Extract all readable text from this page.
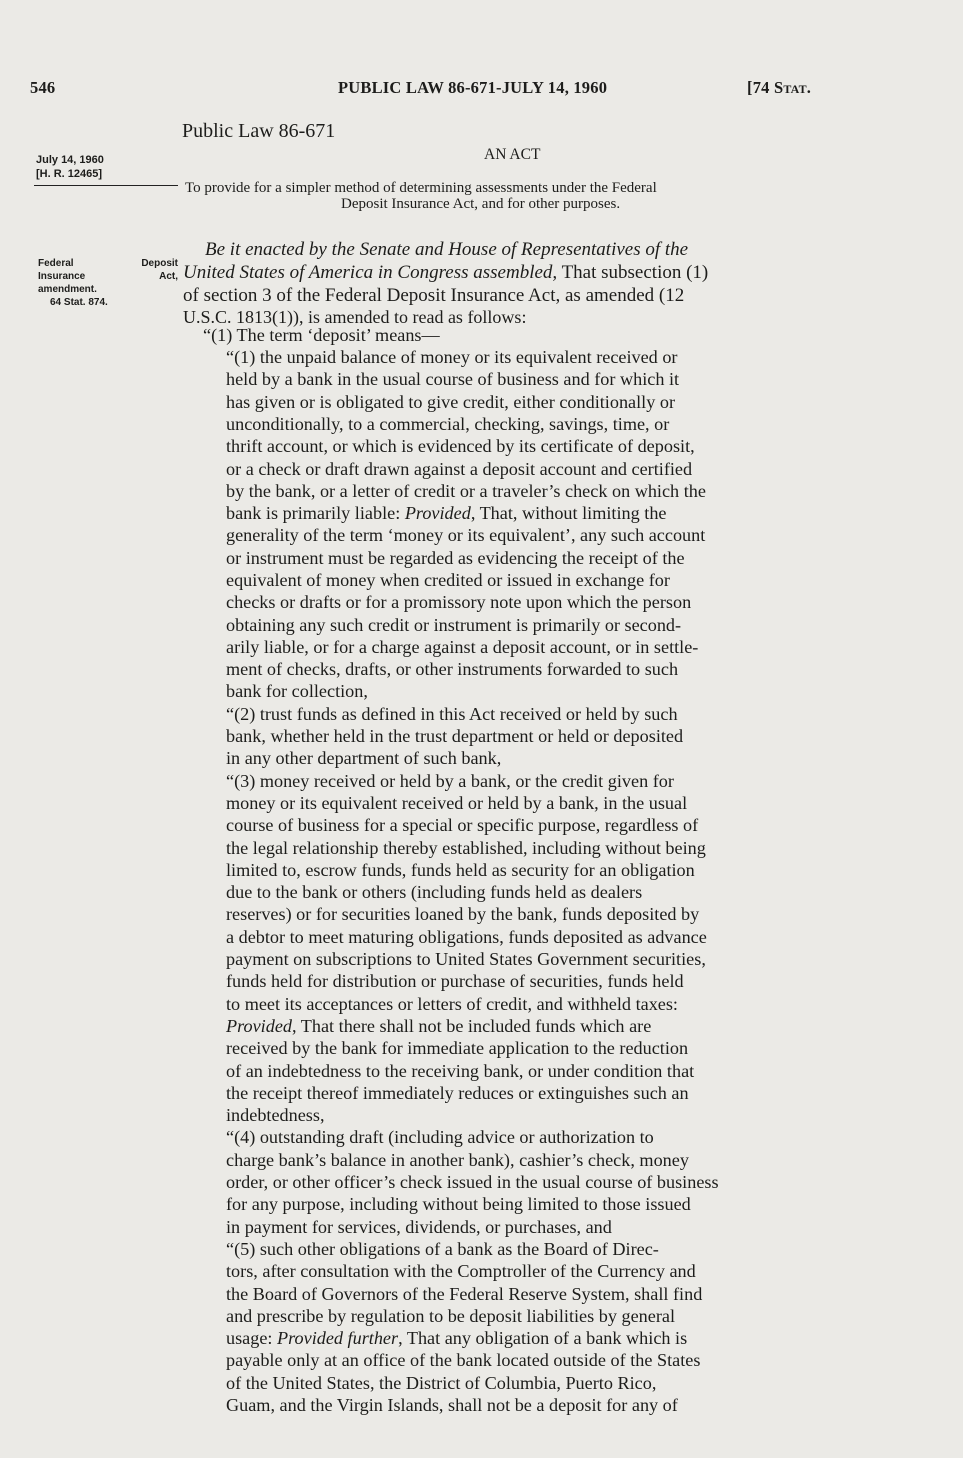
546	PUBLIC LAW 86-671-JULY 14, 1960	[74 Stat.
Public Law 86-671
AN ACT
July 14, 1960
[H. R. 12465]
To provide for a simpler method of determining assessments under the Federal
Deposit Insurance Act, and for other purposes.
Federal Deposit
Insurance Act,
amendment.
64 Stat. 874.
Be it enacted by the Senate and House of Representatives of the
United States of America in Congress assembled, That subsection (1)
of section 3 of the Federal Deposit Insurance Act, as amended (12
U.S.C. 1813(1)), is amended to read as follows:
“(1) The term ‘deposit’ means—
“(1) the unpaid balance of money or its equivalent received or
held by a bank in the usual course of business and for which it
has given or is obligated to give credit, either conditionally or
unconditionally, to a commercial, checking, savings, time, or
thrift account, or which is evidenced by its certificate of deposit,
or a check or draft drawn against a deposit account and certified
by the bank, or a letter of credit or a traveler’s check on which the
bank is primarily liable: Provided, That, without limiting the
generality of the term ‘money or its equivalent’, any such account
or instrument must be regarded as evidencing the receipt of the
equivalent of money when credited or issued in exchange for
checks or drafts or for a promissory note upon which the person
obtaining any such credit or instrument is primarily or second-
arily liable, or for a charge against a deposit account, or in settle-
ment of checks, drafts, or other instruments forwarded to such
bank for collection,
“(2) trust funds as defined in this Act received or held by such
bank, whether held in the trust department or held or deposited
in any other department of such bank,
“(3) money received or held by a bank, or the credit given for
money or its equivalent received or held by a bank, in the usual
course of business for a special or specific purpose, regardless of
the legal relationship thereby established, including without being
limited to, escrow funds, funds held as security for an obligation
due to the bank or others (including funds held as dealers
reserves) or for securities loaned by the bank, funds deposited by
a debtor to meet maturing obligations, funds deposited as advance
payment on subscriptions to United States Government securities,
funds held for distribution or purchase of securities, funds held
to meet its acceptances or letters of credit, and withheld taxes:
Provided, That there shall not be included funds which are
received by the bank for immediate application to the reduction
of an indebtedness to the receiving bank, or under condition that
the receipt thereof immediately reduces or extinguishes such an
indebtedness,
“(4) outstanding draft (including advice or authorization to
charge bank’s balance in another bank), cashier’s check, money
order, or other officer’s check issued in the usual course of business
for any purpose, including without being limited to those issued
in payment for services, dividends, or purchases, and
“(5) such other obligations of a bank as the Board of Direc-
tors, after consultation with the Comptroller of the Currency and
the Board of Governors of the Federal Reserve System, shall find
and prescribe by regulation to be deposit liabilities by general
usage: Provided further, That any obligation of a bank which is
payable only at an office of the bank located outside of the States
of the United States, the District of Columbia, Puerto Rico,
Guam, and the Virgin Islands, shall not be a deposit for any of
